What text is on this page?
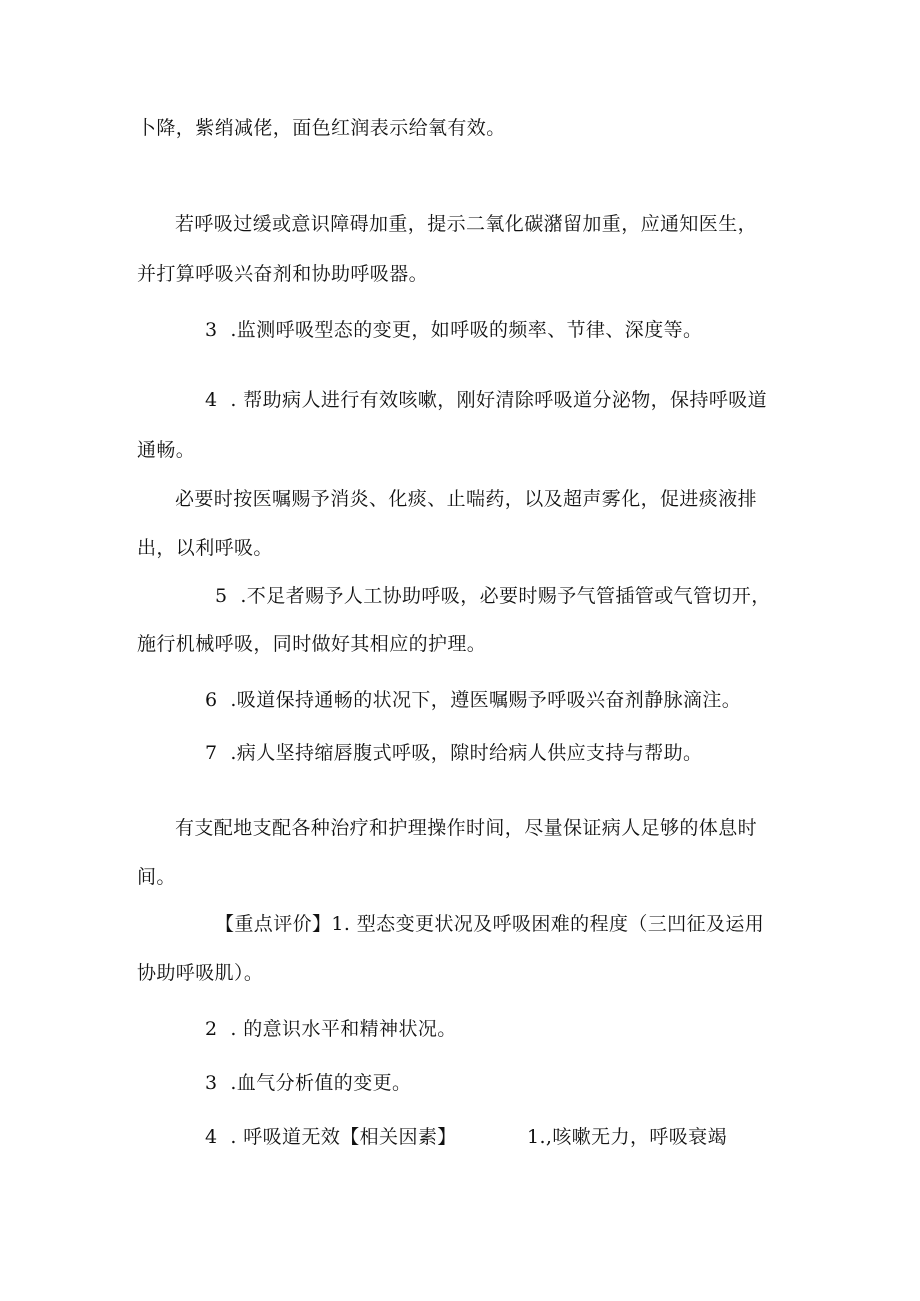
卜降，紫绡减佬，面色红润表示给氧有效。
若呼吸过缓或意识障碍加重，提示二氧化碳潴留加重，应通知医生，
并打算呼吸兴奋剂和协助呼吸器。
3  .监测呼吸型态的变更，如呼吸的频率、节律、深度等。
4  . 帮助病人进行有效咳嗽，刚好清除呼吸道分泌物，保持呼吸道
通畅。
必要时按医嘱赐予消炎、化痰、止喘药，以及超声雾化，促进痰液排
出，以利呼吸。
5  .不足者赐予人工协助呼吸，必要时赐予气管插管或气管切开，
施行机械呼吸，同时做好其相应的护理。
6  .吸道保持通畅的状况下，遵医嘱赐予呼吸兴奋剂静脉滴注。
7  .病人坚持缩唇腹式呼吸，隙时给病人供应支持与帮助。
有支配地支配各种治疗和护理操作时间，尽量保证病人足够的体息时
间。
【重点评价】1. 型态变更状况及呼吸困难的程度（三凹征及运用
协助呼吸肌）。
2  . 的意识水平和精神状况。
3  .血气分析值的变更。
4  . 呼吸道无效【相关因素】	1.,咳嗽无力，呼吸衰竭
